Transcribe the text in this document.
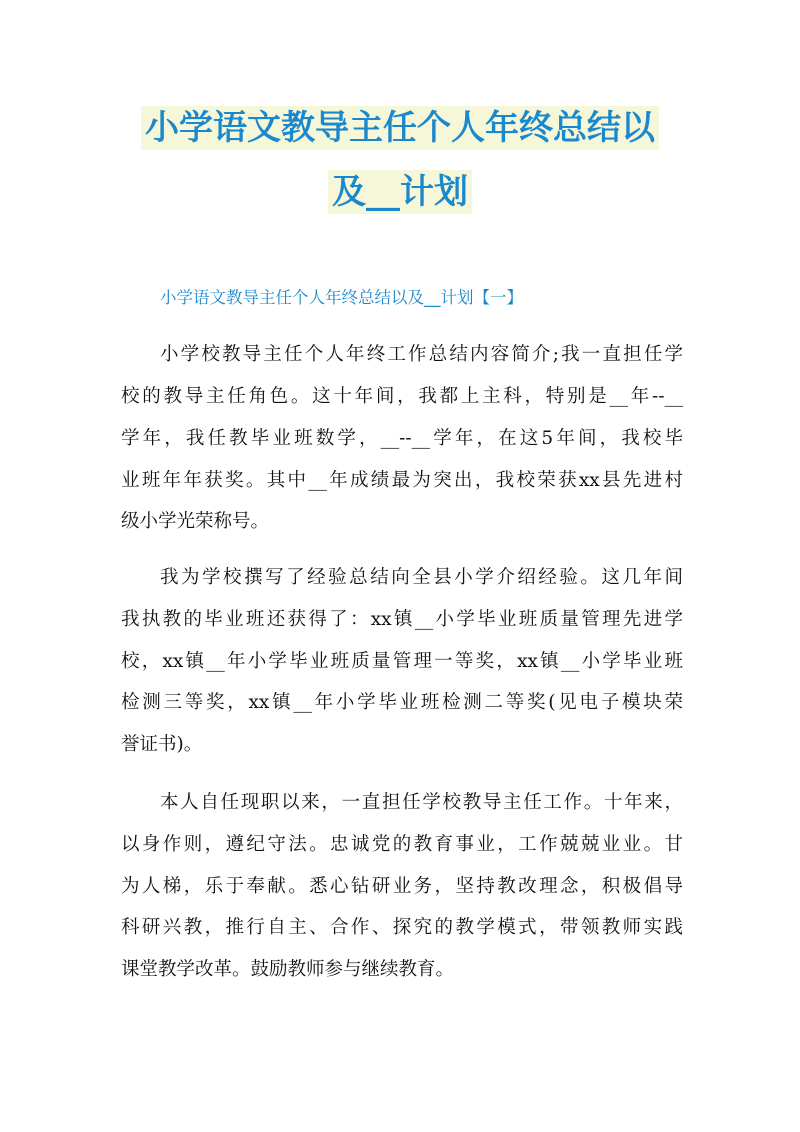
小学语文教导主任个人年终总结以
及__计划
小学语文教导主任个人年终总结以及__计划【一】
小学校教导主任个人年终工作总结内容简介;我一直担任学
校的教导主任角色。这十年间，我都上主科，特别是__年--__
学年，我任教毕业班数学，__--__学年，在这5年间，我校毕
业班年年获奖。其中__年成绩最为突出，我校荣获xx县先进村
级小学光荣称号。
我为学校撰写了经验总结向全县小学介绍经验。这几年间
我执教的毕业班还获得了：xx镇__小学毕业班质量管理先进学
校，xx镇__年小学毕业班质量管理一等奖，xx镇__小学毕业班
检测三等奖，xx镇__年小学毕业班检测二等奖(见电子模块荣
誉证书)。
本人自任现职以来，一直担任学校教导主任工作。十年来，
以身作则，遵纪守法。忠诚党的教育事业，工作兢兢业业。甘
为人梯，乐于奉献。悉心钻研业务，坚持教改理念，积极倡导
科研兴教，推行自主、合作、探究的教学模式，带领教师实践
课堂教学改革。鼓励教师参与继续教育。
